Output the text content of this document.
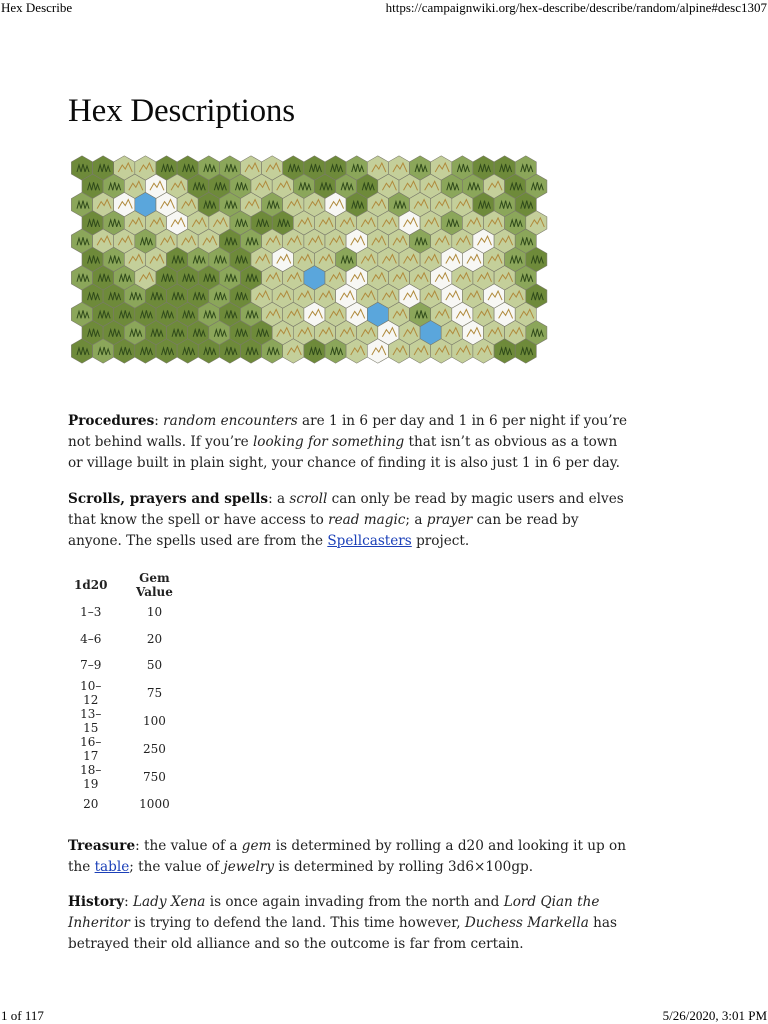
Hex Describe	https://campaignwiki.org/hex-describe/describe/random/alpine#desc1307
Hex Descriptions

Procedures: random encounters are 1 in 6 per day and 1 in 6 per night if you’re not behind walls. If you’re looking for something that isn’t as obvious as a town or village built in plain sight, your chance of finding it is also just 1 in 6 per day.

Scrolls, prayers and spells: a scroll can only be read by magic users and elves that know the spell or have access to read magic; a prayer can be read by anyone. The spells used are from the Spellcasters project.

1d20	Gem Value
1–3	10
4–6	20
7–9	50
10–12	75
13–15	100
16–17	250
18–19	750
20	1000

Treasure: the value of a gem is determined by rolling a d20 and looking it up on the table; the value of jewelry is determined by rolling 3d6×100gp.

History: Lady Xena is once again invading from the north and Lord Qian the Inheritor is trying to defend the land. This time however, Duchess Markella has betrayed their old alliance and so the outcome is far from certain.

1 of 117	5/26/2020, 3:01 PM
